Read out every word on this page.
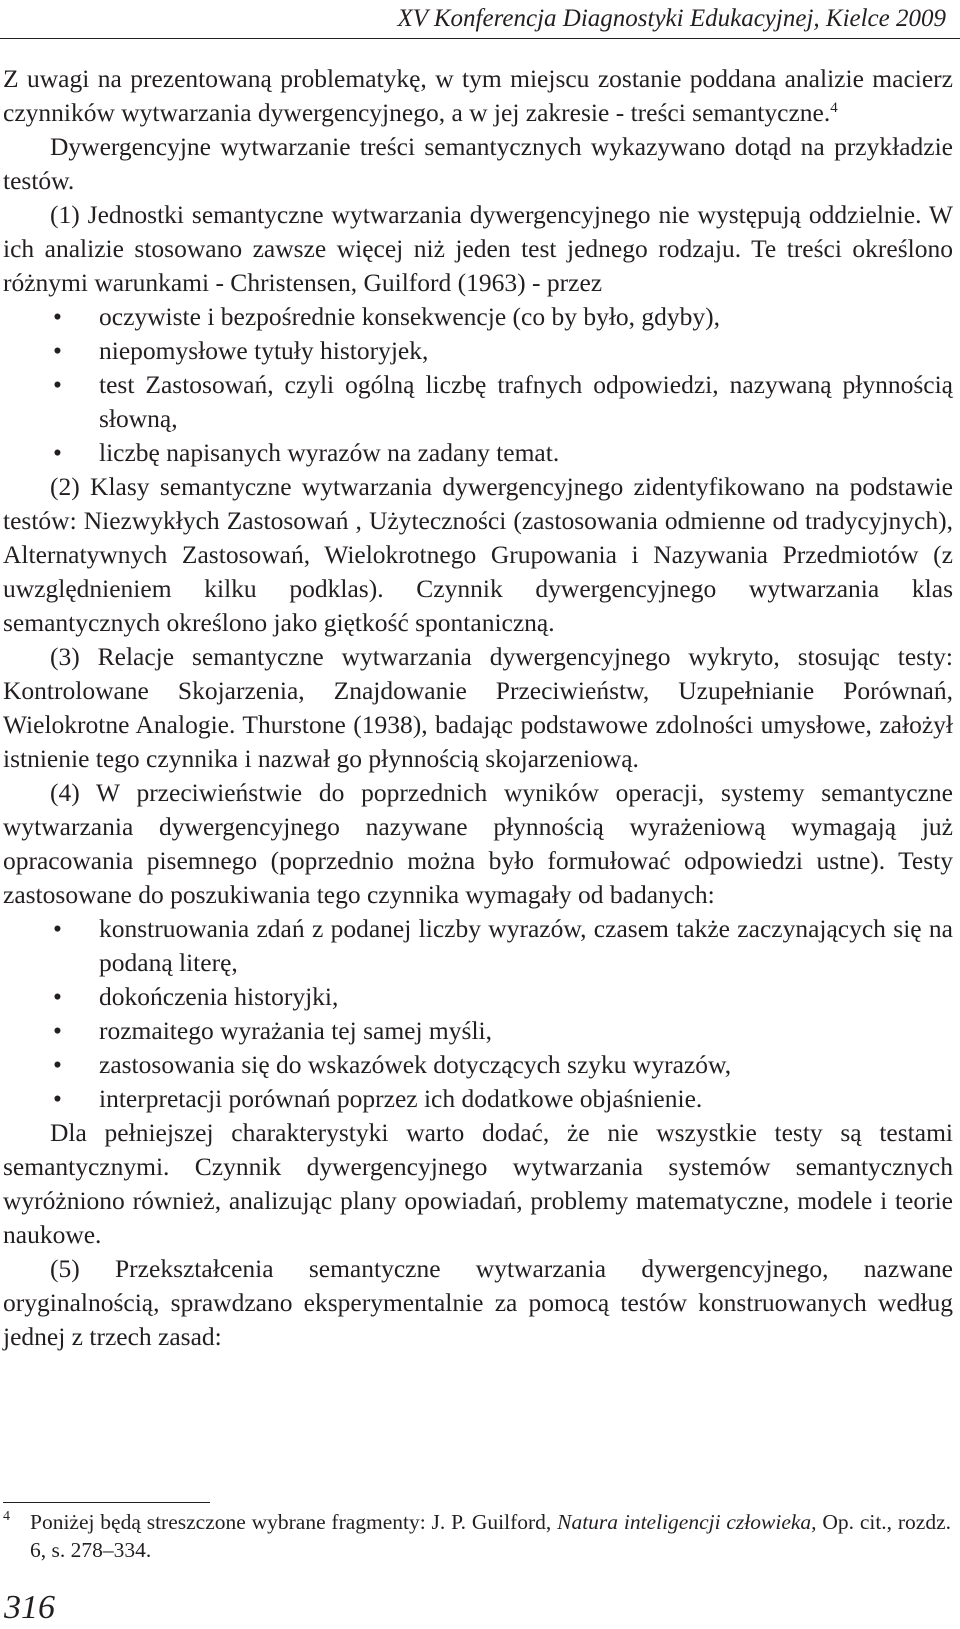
XV Konferencja Diagnostyki Edukacyjnej, Kielce 2009

Z uwagi na prezentowaną problematykę, w tym miejscu zostanie poddana analizie macierz czynników wytwarzania dywergencyjnego, a w jej zakresie - treści semantyczne.$^4$

Dywergencyjne wytwarzanie treści semantycznych wykazywano dotąd na przykładzie testów.

(1) Jednostki semantyczne wytwarzania dywergencyjnego nie występują oddzielnie. W ich analizie stosowano zawsze więcej niż jeden test jednego rodzaju. Te treści określono różnymi warunkami - Christensen, Guilford (1963) - przez

• oczywiste i bezpośrednie konsekwencje (co by było, gdyby),
• niepomysłowe tytuły historyjek,
• test Zastosowań, czyli ogólną liczbę trafnych odpowiedzi, nazywaną płynnością słowną,
• liczbę napisanych wyrazów na zadany temat.

(2) Klasy semantyczne wytwarzania dywergencyjnego zidentyfikowano na podstawie testów: Niezwykłych Zastosowań , Użyteczności (zastosowania odmienne od tradycyjnych), Alternatywnych Zastosowań, Wielokrotnego Grupowania i Nazywania Przedmiotów (z uwzględnieniem kilku podklas). Czynnik dywergencyjnego wytwarzania klas semantycznych określono jako giętkość spontaniczną.

(3) Relacje semantyczne wytwarzania dywergencyjnego wykryto, stosując testy: Kontrolowane Skojarzenia, Znajdowanie Przeciwieństw, Uzupełnianie Porównań, Wielokrotne Analogie. Thurstone (1938), badając podstawowe zdolności umysłowe, założył istnienie tego czynnika i nazwał go płynnością skojarzeniową.

(4) W przeciwieństwie do poprzednich wyników operacji, systemy semantyczne wytwarzania dywergencyjnego nazywane płynnością wyrażeniową wymagają już opracowania pisemnego (poprzednio można było formułować odpowiedzi ustne). Testy zastosowane do poszukiwania tego czynnika wymagały od badanych:

• konstruowania zdań z podanej liczby wyrazów, czasem także zaczynających się na podaną literę,
• dokończenia historyjki,
• rozmaitego wyrażania tej samej myśli,
• zastosowania się do wskazówek dotyczących szyku wyrazów,
• interpretacji porównań poprzez ich dodatkowe objaśnienie.

Dla pełniejszej charakterystyki warto dodać, że nie wszystkie testy są testami semantycznymi. Czynnik dywergencyjnego wytwarzania systemów semantycznych wyróżniono również, analizując plany opowiadań, problemy matematyczne, modele i teorie naukowe.

(5) Przekształcenia semantyczne wytwarzania dywergencyjnego, nazwane oryginalnością, sprawdzano eksperymentalnie za pomocą testów konstruowanych według jednej z trzech zasad:

4 Poniżej będą streszczone wybrane fragmenty: J. P. Guilford, Natura inteligencji człowieka, Op. cit., rozdz. 6, s. 278–334.
316
